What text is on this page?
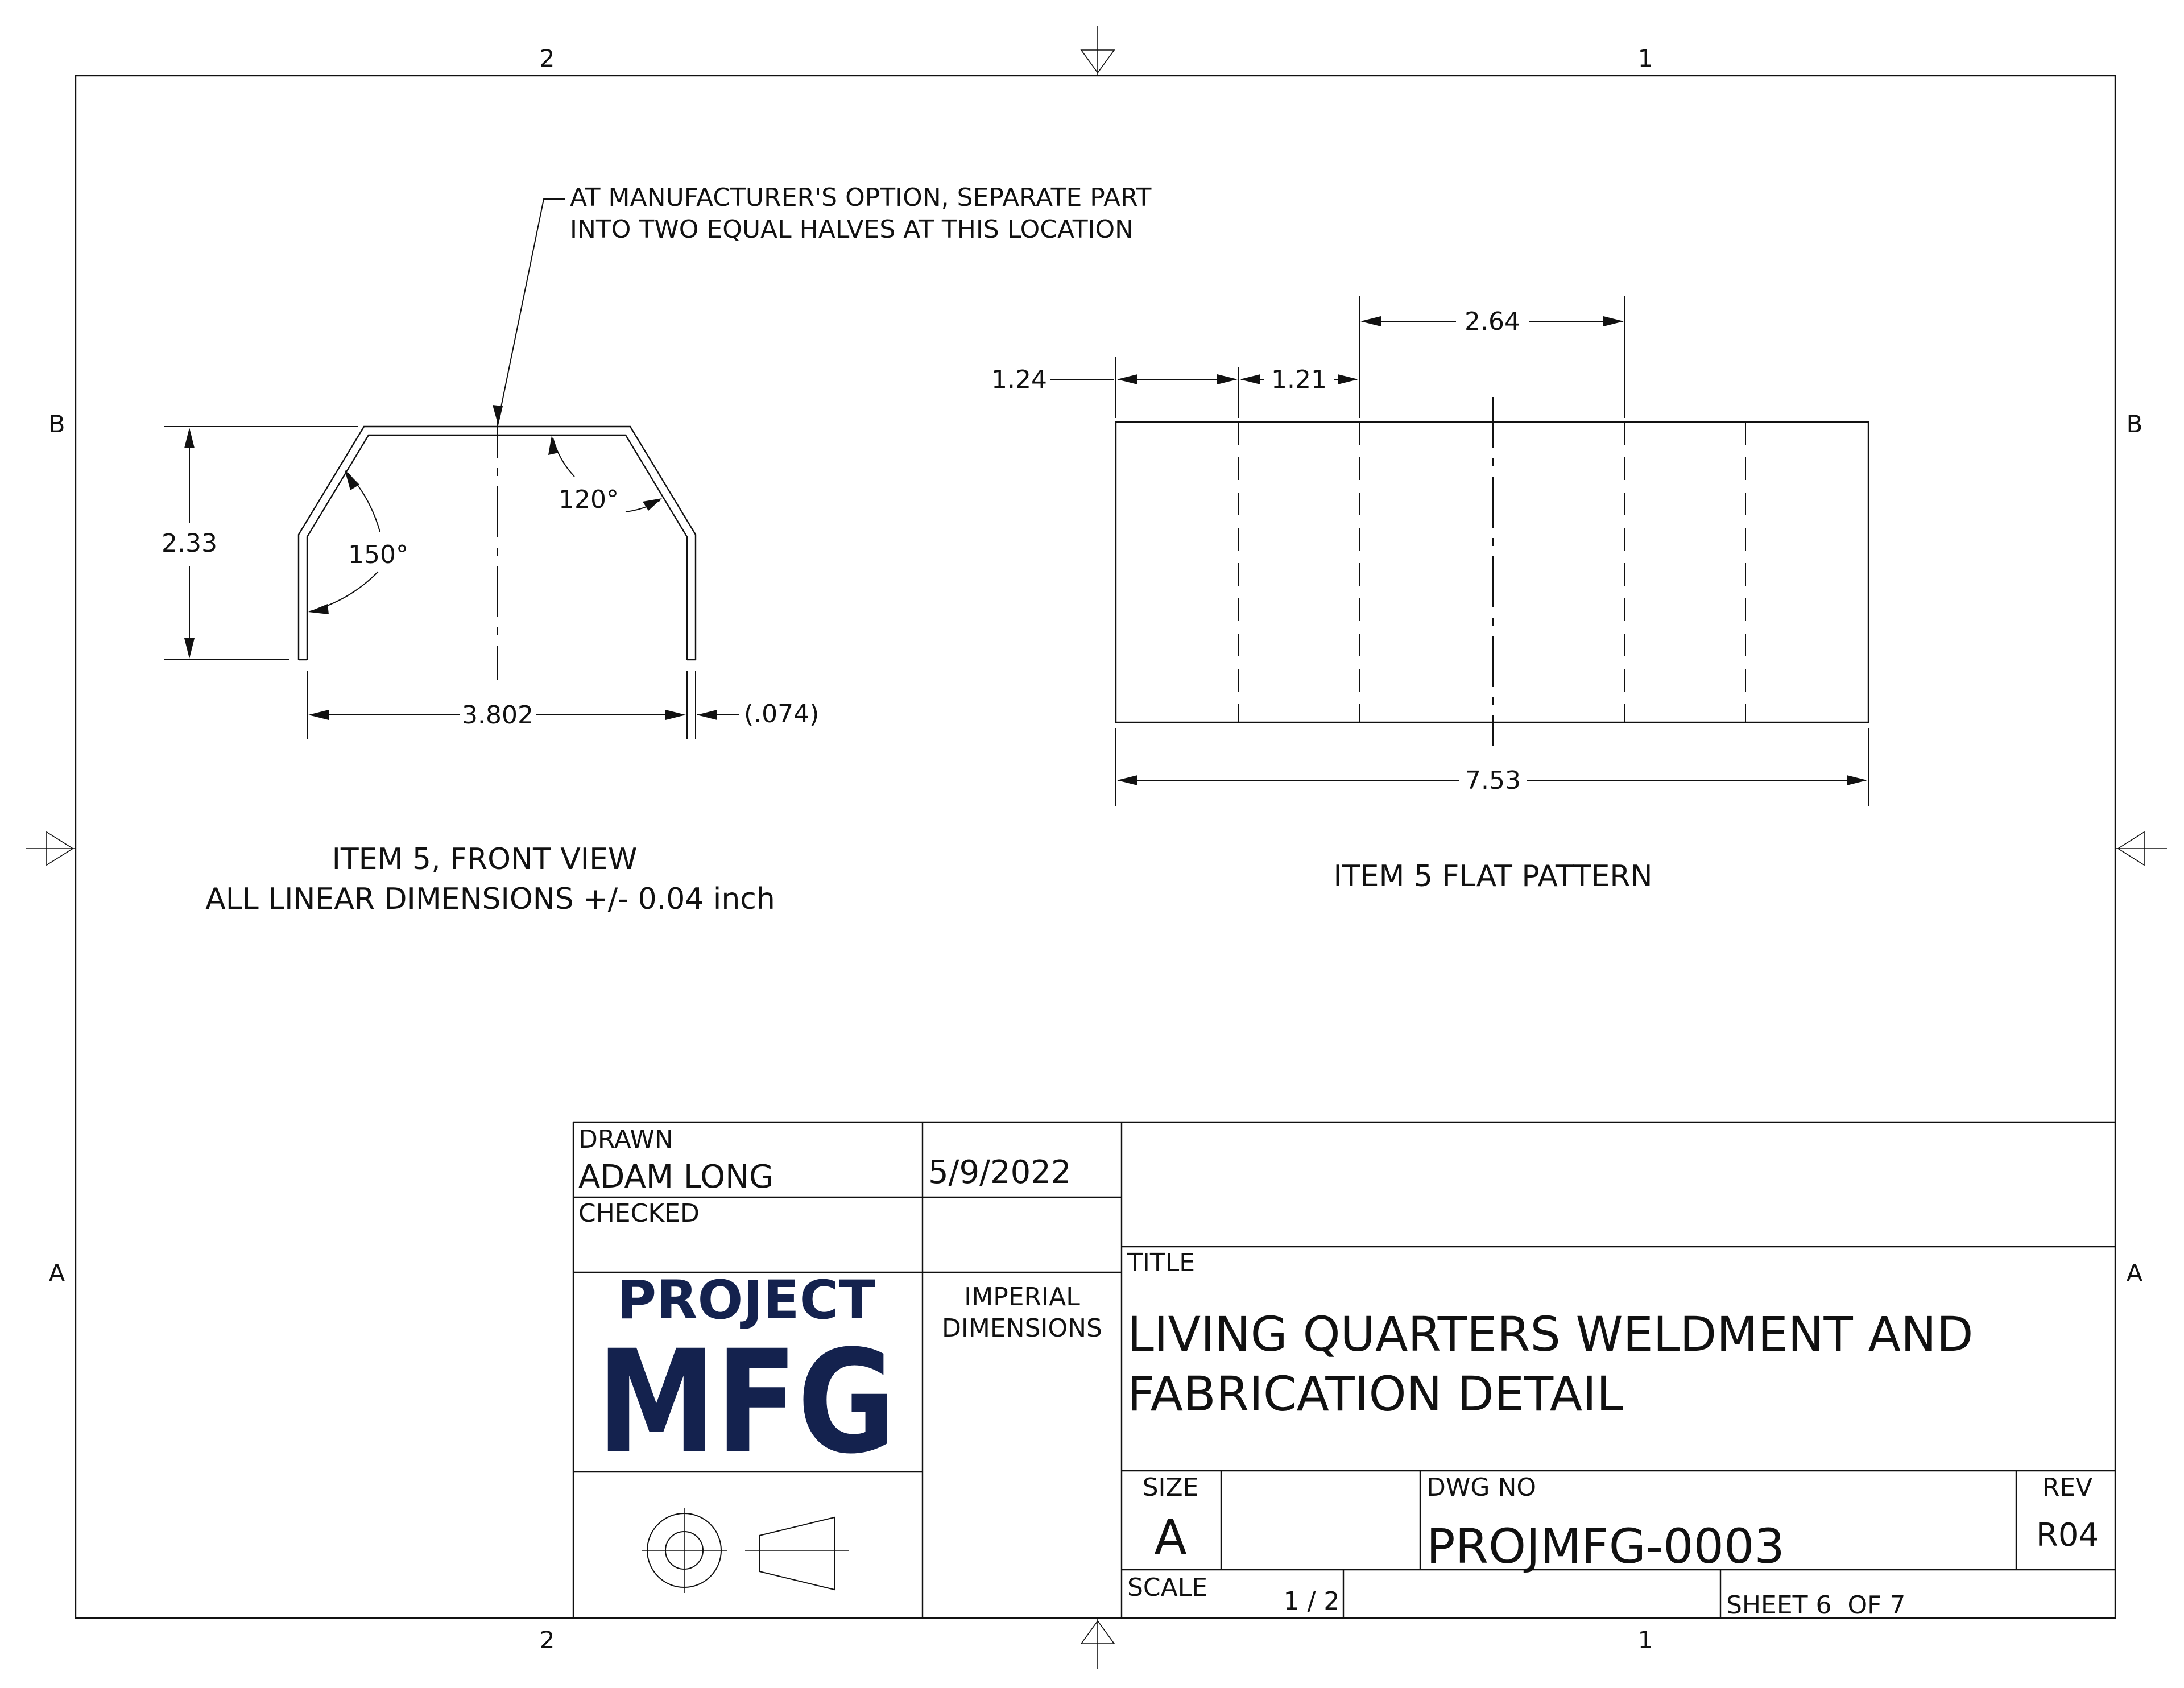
2	1
2	1
B
A
B
A
AT MANUFACTURER'S OPTION, SEPARATE PART
INTO TWO EQUAL HALVES AT THIS LOCATION
2.33	150°
120°
3.802	(.074)
ITEM 5, FRONT VIEW
ALL LINEAR DIMENSIONS +/- 0.04 inch
1.24	1.21
2.64
7.53
ITEM 5 FLAT PATTERN
DRAWN
ADAM LONG	5/9/2022
CHECKED
PROJECT
MFG
IMPERIAL
DIMENSIONS
TITLE
LIVING QUARTERS WELDMENT AND
FABRICATION DETAIL
SIZE
A
DWG NO
PROJMFG-0003
REV
R04
SCALE	1 / 2	SHEET 6  OF 7
